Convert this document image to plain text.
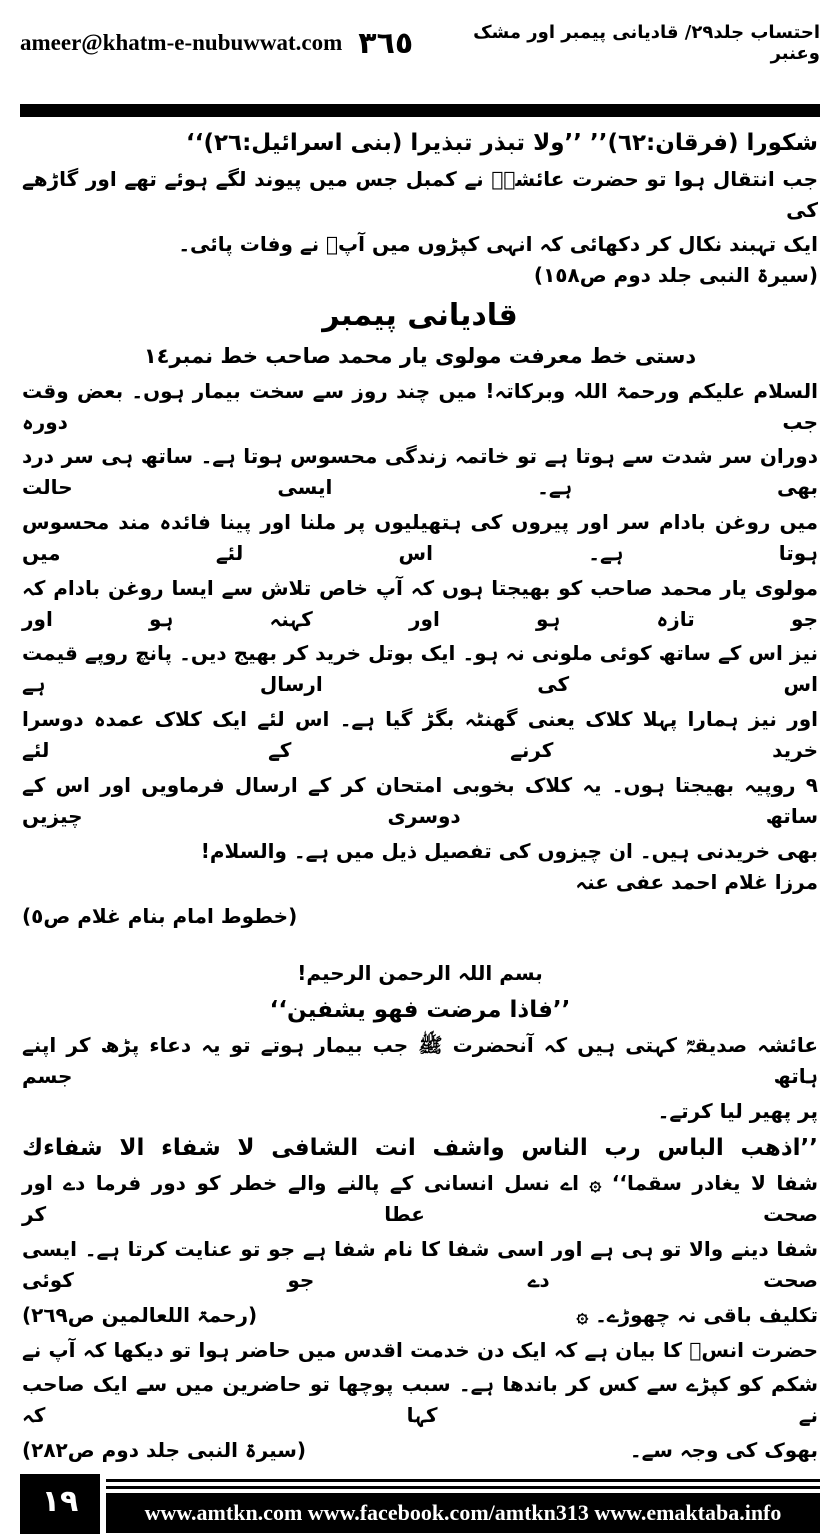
ameer@khatm-e-nubuwwat.com ٣٦٥	احتساب جلد٢٩/ قادیانی پیمبر اور مشک وعنبر
شکورا (فرقان:٦٢)’’ ’’ولا تبذر تبذیرا (بنی اسرائیل:٢٦)‘‘
جب انتقال ہوا تو حضرت عائشہؓ نے کمبل جس میں پیوند لگے ہوئے تھے اور گاڑھے کی
ایک تہبند نکال کر دکھائی کہ انہی کپڑوں میں آپؐ نے وفات پائی۔
(سیرۃ النبی جلد دوم ص١٥٨)
قادیانی پیمبر
دستی خط معرفت مولوی یار محمد صاحب خط نمبر١٤
السلام علیکم ورحمۃ اللہ وبرکاتہ! میں چند روز سے سخت بیمار ہوں۔ بعض وقت جب دورہ
دوران سر شدت سے ہوتا ہے تو خاتمہ زندگی محسوس ہوتا ہے۔ ساتھ ہی سر درد بھی ہے۔ ایسی حالت
میں روغن بادام سر اور پیروں کی ہتھیلیوں پر ملنا اور پینا فائدہ مند محسوس ہوتا ہے۔ اس لئے میں
مولوی یار محمد صاحب کو بھیجتا ہوں کہ آپ خاص تلاش سے ایسا روغن بادام کہ جو تازہ ہو اور کہنہ ہو اور
نیز اس کے ساتھ کوئی ملونی نہ ہو۔ ایک بوتل خرید کر بھیج دیں۔ پانچ روپے قیمت اس کی ارسال ہے
اور نیز ہمارا پہلا کلاک یعنی گھنٹہ بگڑ گیا ہے۔ اس لئے ایک کلاک عمدہ دوسرا خرید کرنے کے لئے
٩ روپیہ بھیجتا ہوں۔ یہ کلاک بخوبی امتحان کر کے ارسال فرماویں اور اس کے ساتھ دوسری چیزیں
بھی خریدنی ہیں۔ ان چیزوں کی تفصیل ذیل میں ہے۔ والسلام!
مرزا غلام احمد عفی عنہ
(خطوط امام بنام غلام ص٥)
بسم اللہ الرحمن الرحیم!
’’فاذا مرضت فھو یشفین‘‘
عائشہ صدیقہؓ کہتی ہیں کہ آنحضرت ﷺ جب بیمار ہوتے تو یہ دعاء پڑھ کر اپنے ہاتھ جسم
پر پھیر لیا کرتے۔
’’اذھب الباس رب الناس واشف انت الشافی لا شفاء الا شفاءك
شفا لا یغادر سقما‘‘ ۞ اے نسل انسانی کے پالنے والے خطر کو دور فرما دے اور صحت عطا کر
شفا دینے والا تو ہی ہے اور اسی شفا کا نام شفا ہے جو تو عنایت کرتا ہے۔ ایسی صحت دے جو کوئی
تکلیف باقی نہ چھوڑے۔ ۞
(رحمۃ اللعالمین ص٢٦٩)
حضرت انسؓ کا بیان ہے کہ ایک دن خدمت اقدس میں حاضر ہوا تو دیکھا کہ آپ نے
شکم کو کپڑے سے کس کر باندھا ہے۔ سبب پوچھا تو حاضرین میں سے ایک صاحب نے کہا کہ
بھوک کی وجہ سے۔
(سیرۃ النبی جلد دوم ص٢٨٢)
١٩	www.amtkn.com www.facebook.com/amtkn313 www.emaktaba.info
